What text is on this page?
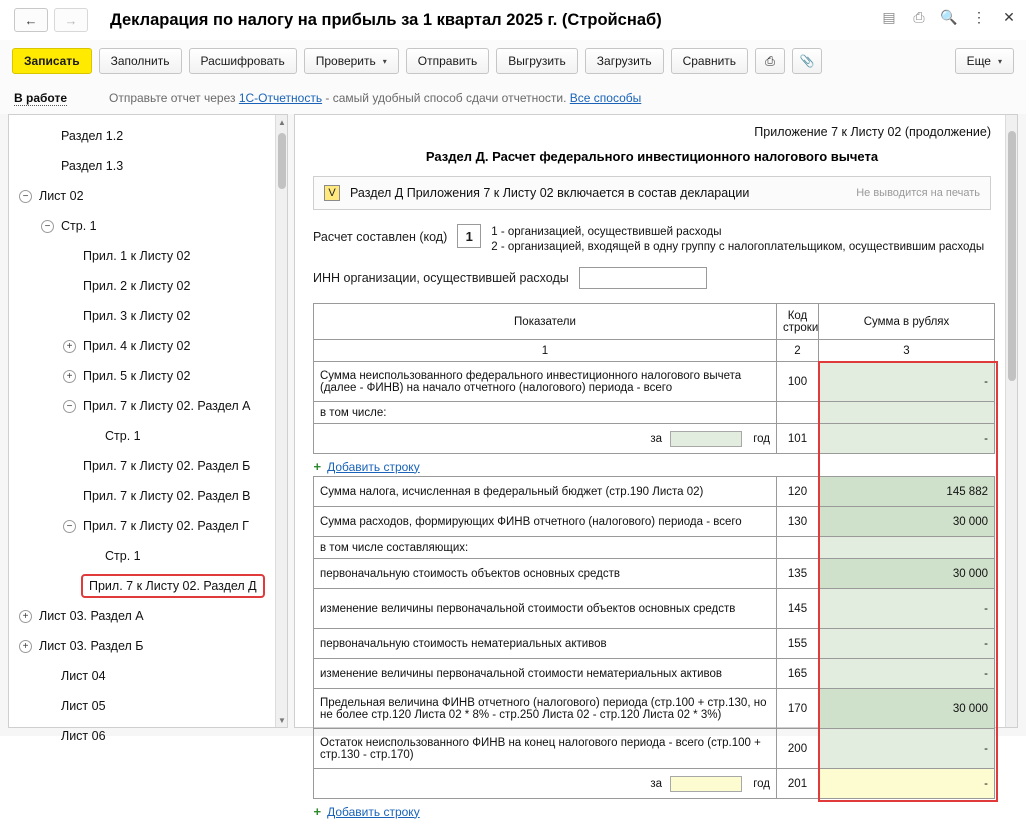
←	→	Декларация по налогу на прибыль за 1 квартал 2025 г. (Стройснаб)	▤ ⎙ 🔍 ⋮ ✕
Записать	Заполнить	Расшифровать	Проверить ▾	Отправить	Выгрузить	Загрузить	Сравнить	⎙	📎	Еще ▾
В работе	Отправьте отчет через 1С-Отчетность - самый удобный способ сдачи отчетности. Все способы
Раздел 1.2
Раздел 1.3
− Лист 02
− Стр. 1
Прил. 1 к Листу 02
Прил. 2 к Листу 02
Прил. 3 к Листу 02
+ Прил. 4 к Листу 02
+ Прил. 5 к Листу 02
− Прил. 7 к Листу 02. Раздел А
Стр. 1
Прил. 7 к Листу 02. Раздел Б
Прил. 7 к Листу 02. Раздел В
− Прил. 7 к Листу 02. Раздел Г
Стр. 1
Прил. 7 к Листу 02. Раздел Д
+ Лист 03. Раздел А
+ Лист 03. Раздел Б
Лист 04
Лист 05
Лист 06
▲
▼
Приложение 7 к Листу 02 (продолжение)
Раздел Д. Расчет федерального инвестиционного налогового вычета
V	Раздел Д Приложения 7 к Листу 02 включается в состав декларации	Не выводится на печать
Расчет составлен (код)	1	1 - организацией, осуществившей расходы
2 - организацией, входящей в одну группу с налогоплательщиком, осуществившим расходы
ИНН организации, осуществившей расходы
Показатели	Код строки	Сумма в рублях
1	2	3
Сумма неиспользованного федерального инвестиционного налогового вычета (далее - ФИНВ) на начало отчетного (налогового) периода - всего	100	-
в том числе:		
за год	101	-

+ Добавить строку		

Сумма налога, исчисленная в федеральный бюджет (стр.190 Листа 02)	120	145 882
Сумма расходов, формирующих ФИНВ отчетного (налогового) периода - всего	130	30 000
в том числе составляющих:		
первоначальную стоимость объектов основных средств	135	30 000
изменение величины первоначальной стоимости объектов основных средств	145	-
первоначальную стоимость нематериальных активов	155	-
изменение величины первоначальной стоимости нематериальных активов	165	-
Предельная величина ФИНВ отчетного (налогового) периода (стр.100 + стр.130, но не более стр.120 Листа 02 * 8% - стр.250 Листа 02 - стр.120 Листа 02 * 3%)	170	30 000
Остаток неиспользованного ФИНВ на конец налогового периода - всего (стр.100 + стр.130 - стр.170)	200	-
за год	201	-

+ Добавить строку		
